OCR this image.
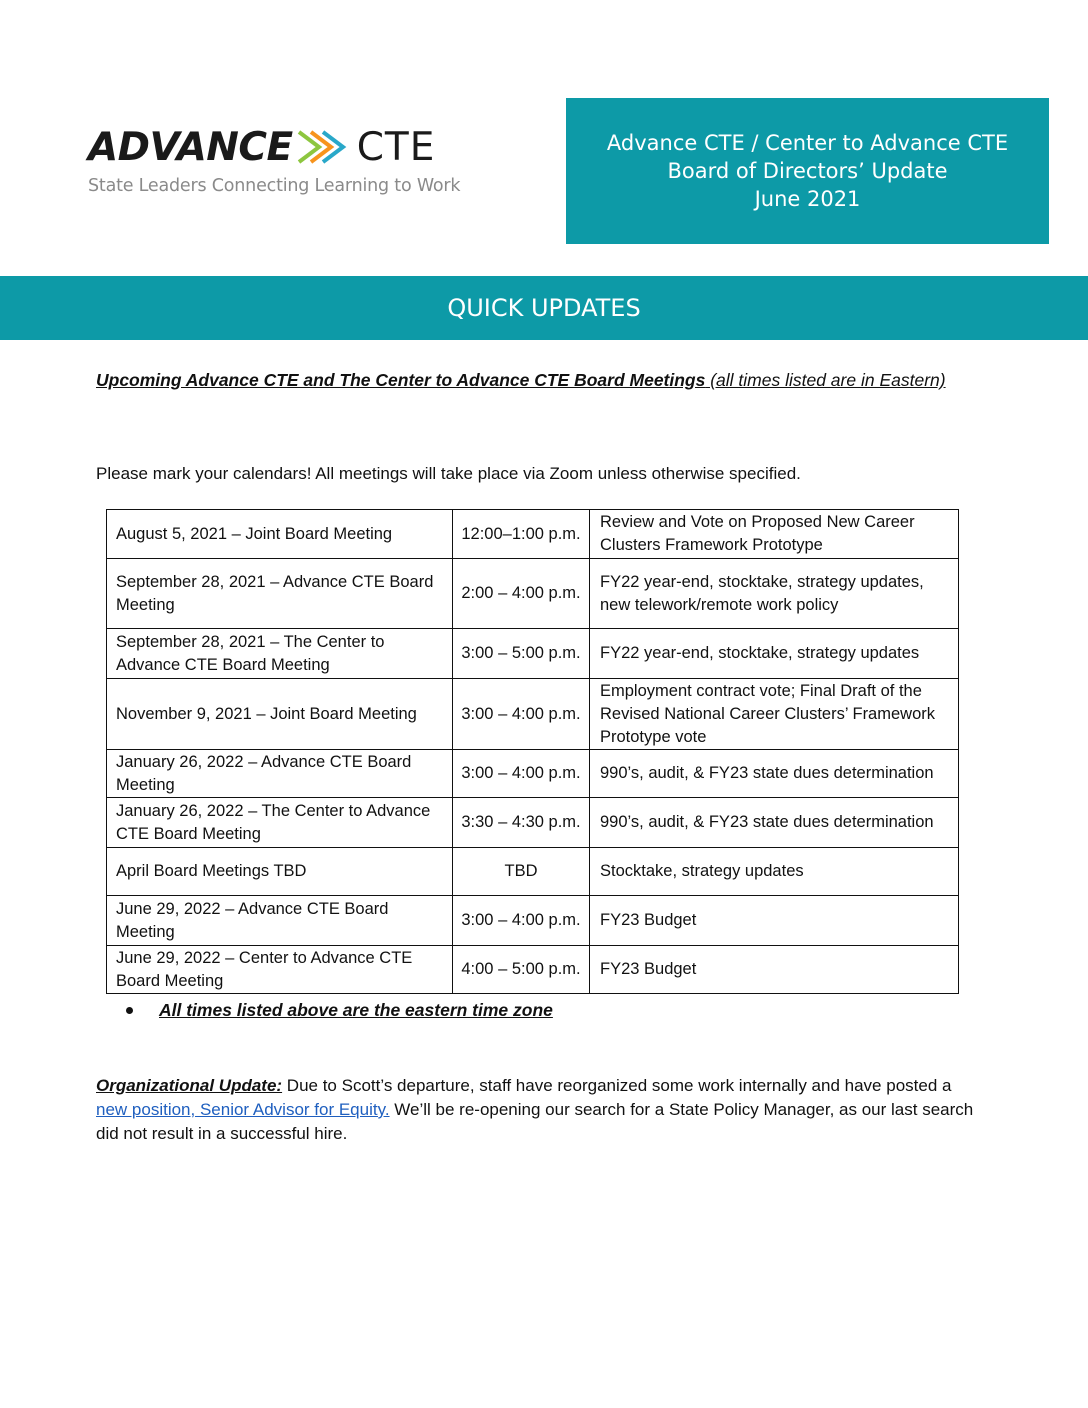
ADVANCE CTE
State Leaders Connecting Learning to Work
Advance CTE / Center to Advance CTE
Board of Directors’ Update
June 2021
QUICK UPDATES

Upcoming Advance CTE and The Center to Advance CTE Board Meetings (all times listed are in Eastern)

Please mark your calendars! All meetings will take place via Zoom unless otherwise specified.
August 5, 2021 – Joint Board Meeting	12:00–1:00 p.m.	Review and Vote on Proposed New Career Clusters Framework Prototype
September 28, 2021 – Advance CTE Board Meeting	2:00 – 4:00 p.m.	FY22 year-end, stocktake, strategy updates, new telework/remote work policy
September 28, 2021 – The Center to Advance CTE Board Meeting	3:00 – 5:00 p.m.	FY22 year-end, stocktake, strategy updates
November 9, 2021 – Joint Board Meeting	3:00 – 4:00 p.m.	Employment contract vote; Final Draft of the Revised National Career Clusters’ Framework Prototype vote
January 26, 2022 – Advance CTE Board Meeting	3:00 – 4:00 p.m.	990’s, audit, & FY23 state dues determination
January 26, 2022 – The Center to Advance CTE Board Meeting	3:30 – 4:30 p.m.	990’s, audit, & FY23 state dues determination
April Board Meetings TBD	TBD	Stocktake, strategy updates
June 29, 2022 – Advance CTE Board Meeting	3:00 – 4:00 p.m.	FY23 Budget
June 29, 2022 – Center to Advance CTE Board Meeting	4:00 – 5:00 p.m.	FY23 Budget
All times listed above are the eastern time zone
Organizational Update: Due to Scott’s departure, staff have reorganized some work internally and have posted a new position, Senior Advisor for Equity. We’ll be re-opening our search for a State Policy Manager, as our last search did not result in a successful hire.
